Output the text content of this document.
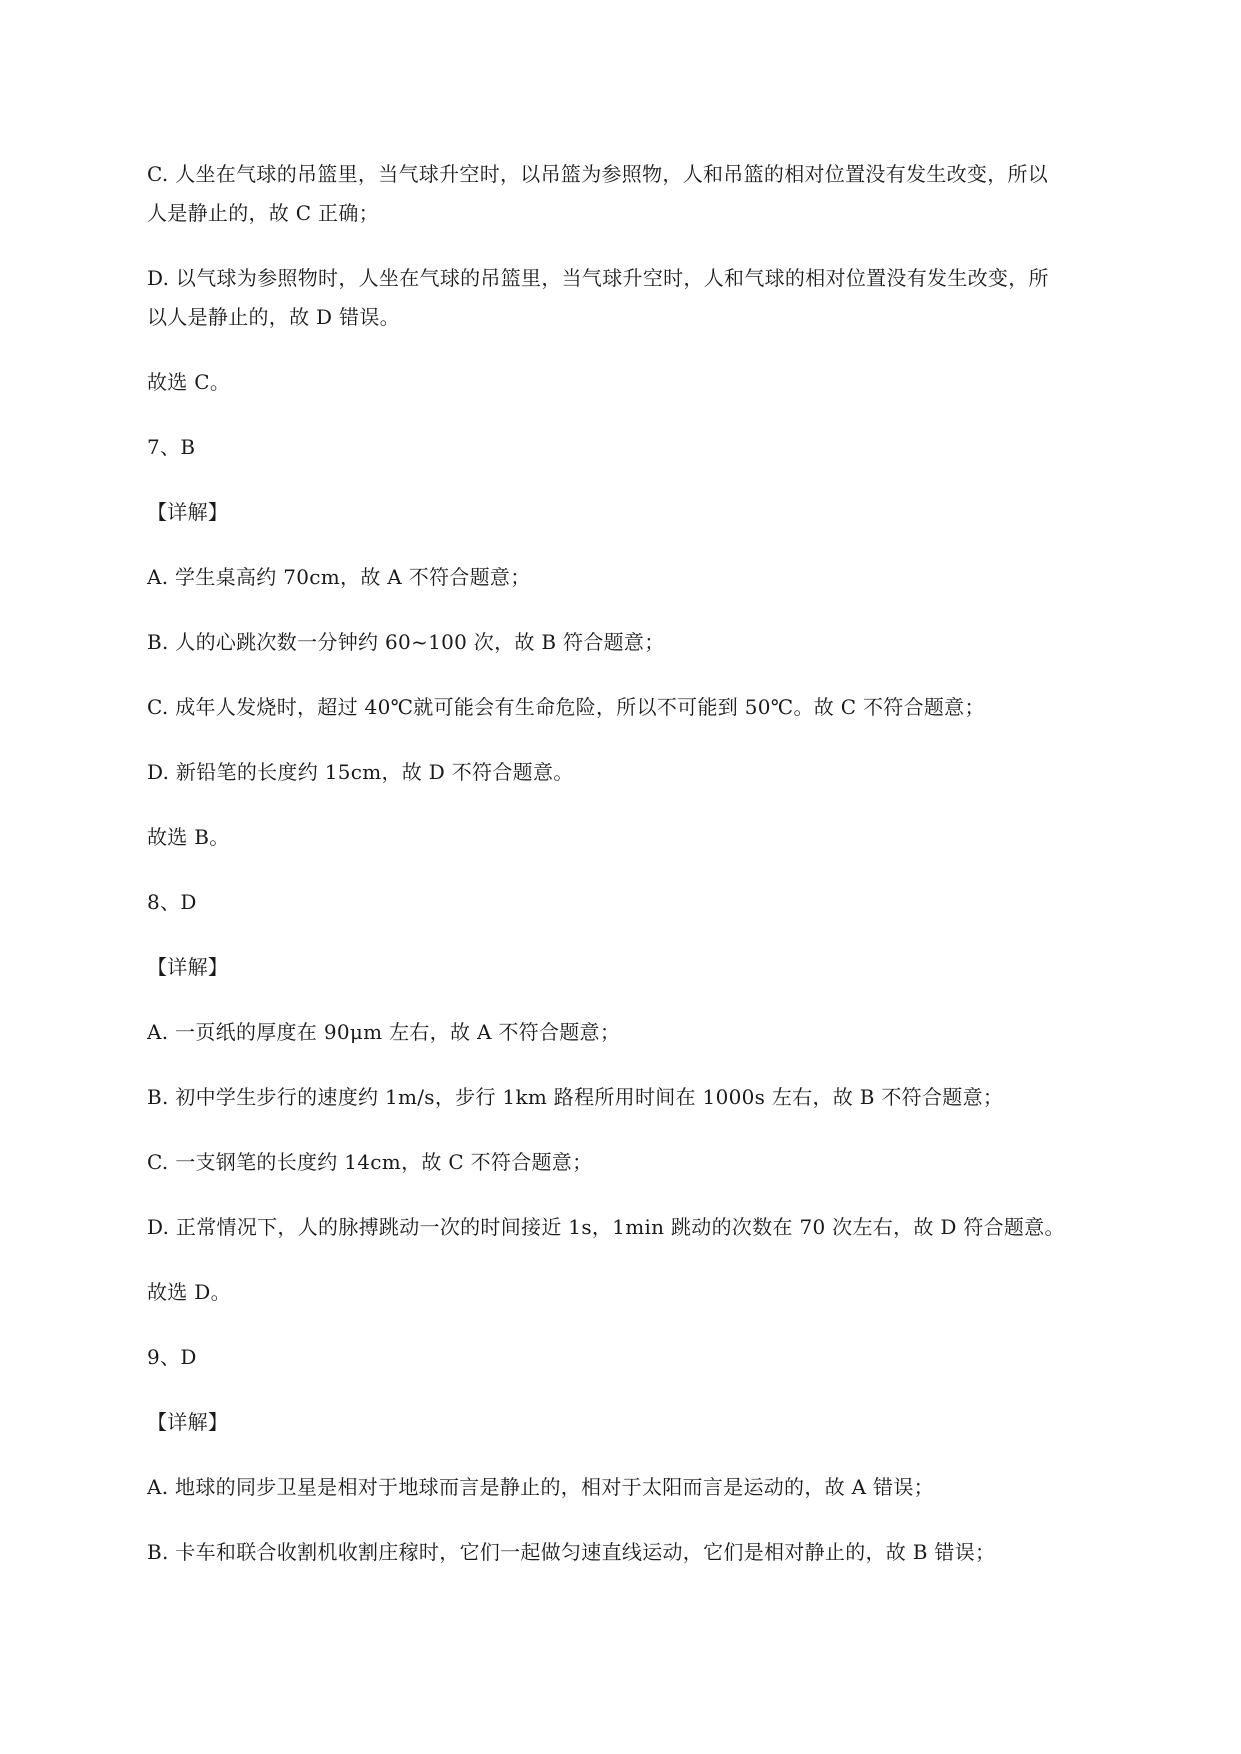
C. 人坐在气球的吊篮里，当气球升空时，以吊篮为参照物，人和吊篮的相对位置没有发生改变，所以
人是静止的，故 C 正确；

D. 以气球为参照物时，人坐在气球的吊篮里，当气球升空时，人和气球的相对位置没有发生改变，所
以人是静止的，故 D 错误。

故选 C。

7、B

【详解】

A. 学生桌高约 70cm，故 A 不符合题意；

B. 人的心跳次数一分钟约 60~100 次，故 B 符合题意；

C. 成年人发烧时，超过 40℃就可能会有生命危险，所以不可能到 50℃。故 C 不符合题意；

D. 新铅笔的长度约 15cm，故 D 不符合题意。

故选 B。

8、D

【详解】

A. 一页纸的厚度在 90μm 左右，故 A 不符合题意；

B. 初中学生步行的速度约 1m/s，步行 1km 路程所用时间在 1000s 左右，故 B 不符合题意；

C. 一支钢笔的长度约 14cm，故 C 不符合题意；

D. 正常情况下，人的脉搏跳动一次的时间接近 1s，1min 跳动的次数在 70 次左右，故 D 符合题意。

故选 D。

9、D

【详解】

A. 地球的同步卫星是相对于地球而言是静止的，相对于太阳而言是运动的，故 A 错误；

B. 卡车和联合收割机收割庄稼时，它们一起做匀速直线运动，它们是相对静止的，故 B 错误；
